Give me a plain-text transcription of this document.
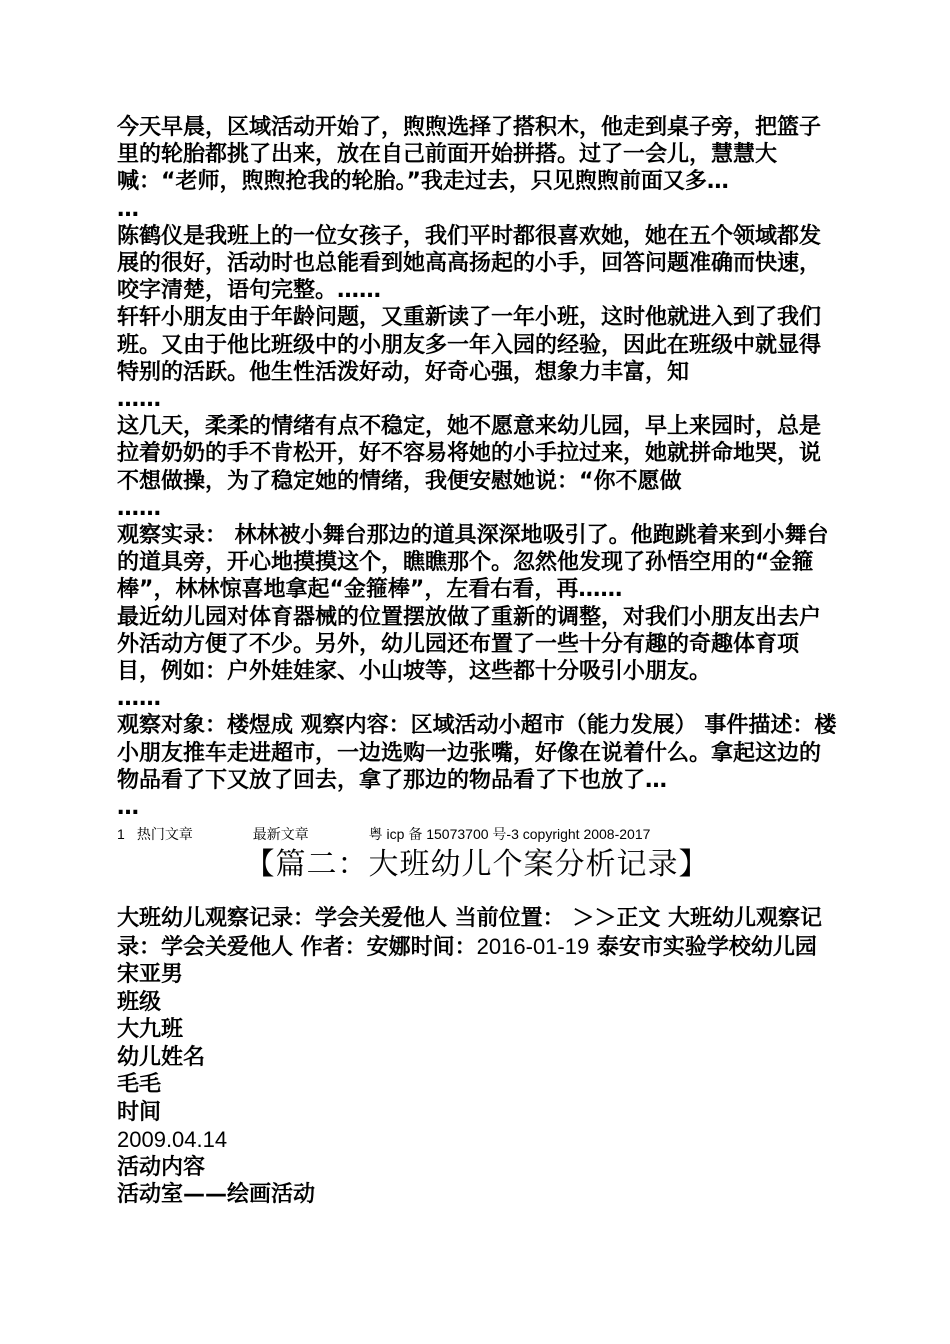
今天早晨，区域活动开始了，煦煦选择了搭积木，他走到桌子旁，把篮子里的轮胎都挑了出来，放在自己前面开始拼搭。过了一会儿，慧慧大喊：“老师，煦煦抢我的轮胎。”我走过去，只见煦煦前面又多…
…

陈鹤仪是我班上的一位女孩子，我们平时都很喜欢她，她在五个领域都发展的很好，活动时也总能看到她高高扬起的小手，回答问题准确而快速，咬字清楚，语句完整。……

轩轩小朋友由于年龄问题，又重新读了一年小班，这时他就进入到了我们班。又由于他比班级中的小朋友多一年入园的经验，因此在班级中就显得特别的活跃。他生性活泼好动，好奇心强，想象力丰富，知
……

这几天，柔柔的情绪有点不稳定，她不愿意来幼儿园，早上来园时，总是拉着奶奶的手不肯松开，好不容易将她的小手拉过来，她就拼命地哭，说不想做操，为了稳定她的情绪，我便安慰她说：“你不愿做
……

观察实录： 林林被小舞台那边的道具深深地吸引了。他跑跳着来到小舞台的道具旁，开心地摸摸这个，瞧瞧那个。忽然他发现了孙悟空用的“金箍棒”，林林惊喜地拿起“金箍棒”，左看右看，再……

最近幼儿园对体育器械的位置摆放做了重新的调整，对我们小朋友出去户外活动方便了不少。另外，幼儿园还布置了一些十分有趣的奇趣体育项目，例如：户外娃娃家、小山坡等，这些都十分吸引小朋友。
……

观察对象：楼煜成 观察内容：区域活动小超市（能力发展） 事件描述：楼小朋友推车走进超市，一边选购一边张嘴，好像在说着什么。拿起这边的物品看了下又放了回去，拿了那边的物品看了下也放了…
…

1 热门文章	最新文章	粤 icp 备 15073700 号-3 copyright 2008-2017
【篇二：大班幼儿个案分析记录】

大班幼儿观察记录：学会关爱他人 当前位置： ＞＞正文 大班幼儿观察记录：学会关爱他人 作者：安娜时间：2016-01-19 泰安市实验学校幼儿园 宋亚男

班级

大九班

幼儿姓名

毛毛

时间

2009.04.14

活动内容

活动室——绘画活动
